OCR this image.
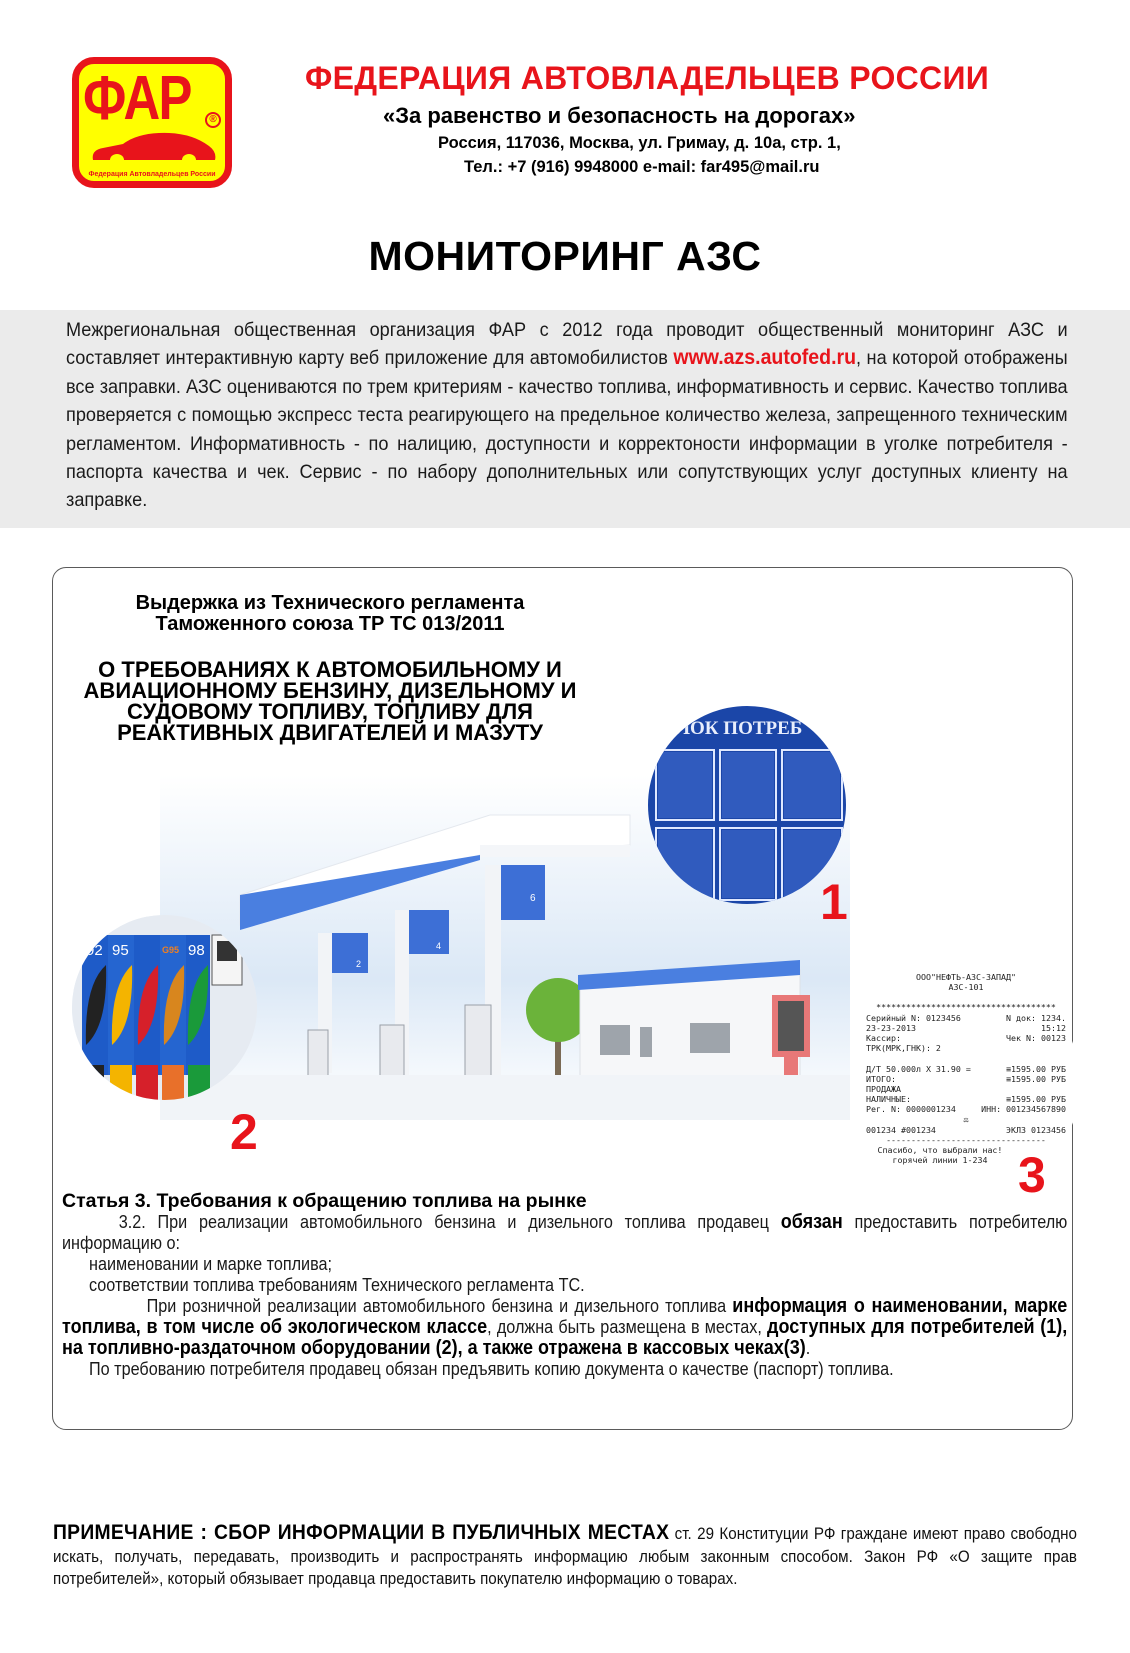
ФАР	®
Федерация Автовладельцев России
ФЕДЕРАЦИЯ АВТОВЛАДЕЛЬЦЕВ РОССИИ
«За равенство и безопасность на дорогах»
Россия, 117036, Москва, ул. Гримау, д. 10а, стр. 1,
Тел.: +7 (916) 9948000 e-mail: far495@mail.ru
МОНИТОРИНГ АЗС

Межрегиональная общественная организация ФАР с 2012 года проводит общественный мониторинг АЗС и составляет интерактивную карту веб приложение для автомобилистов www.azs.autofed.ru, на которой отображены все заправки. АЗС оцениваются по трем критериям - качество топлива, информативность и сервис. Качество топлива проверяется с помощью экспресс теста реагирующего на предельное количество железа, запрещенного техническим регламентом. Информативность - по налицию, доступности и корректоности информации в уголке потребителя - паспорта качества и чек. Сервис - по набору дополнительных или сопутствующих услуг доступных клиенту на заправке.

Выдержка из Технического регламента
Таможенного союза ТР ТС 013/2011
О ТРЕБОВАНИЯХ К АВТОМОБИЛЬНОМУ И АВИАЦИОННОМУ БЕНЗИНУ, ДИЗЕЛЬНОМУ И СУДОВОМУ ТОПЛИВУ, ТОПЛИВУ ДЛЯ РЕАКТИВНЫХ ДВИГАТЕЛЕЙ И МАЗУТУ
2
4
6
ОЛОК ПОТРЕБ
1
92 95	G95 98
2
ООО"НЕФТЬ-АЗС-ЗАПАД"
АЗС-101
************************************
Серийный N: 0123456	N док: 1234.
23-23-2013	15:12
Кассир:	Чек N: 00123
ТРК(МРК,ГНК): 2
Д/Т 50.000л X 31.90 =	≡1595.00 РУБ
ИТОГО:	≡1595.00 РУБ
ПРОДАЖА
НАЛИЧНЫЕ:	≡1595.00 РУБ
Рег. N: 0000001234	ИНН: 001234567890
⚖
001234 #001234	ЭКЛЗ 0123456
--------------------------------
Спасибо, что выбрали нас!
горячей линии 1-234 3
Статья 3. Требования к обращению топлива на рынке

3.2. При реализации автомобильного бензина и дизельного топлива продавец обязан предоставить потребителю информацию о:

наименовании и марке топлива;

соответствии топлива требованиям Технического регламента ТС.

При розничной реализации автомобильного бензина и дизельного топлива информация о наименовании, марке топлива, в том числе об экологическом классе, должна быть размещена в местах, доступных для потребителей (1), на топливно-раздаточном оборудовании (2), а также отражена в кассовых чеках(3).

По требованию потребителя продавец обязан предъявить копию документа о качестве (паспорт) топлива.

ПРИМЕЧАНИЕ : СБОР ИНФОРМАЦИИ В ПУБЛИЧНЫХ МЕСТАХ ст. 29 Конституции РФ граждане имеют право свободно искать, получать, передавать, производить и распространять информацию любым законным способом. Закон РФ «О защите прав потребителей», который обязывает продавца предоставить покупателю информацию о товарах.
